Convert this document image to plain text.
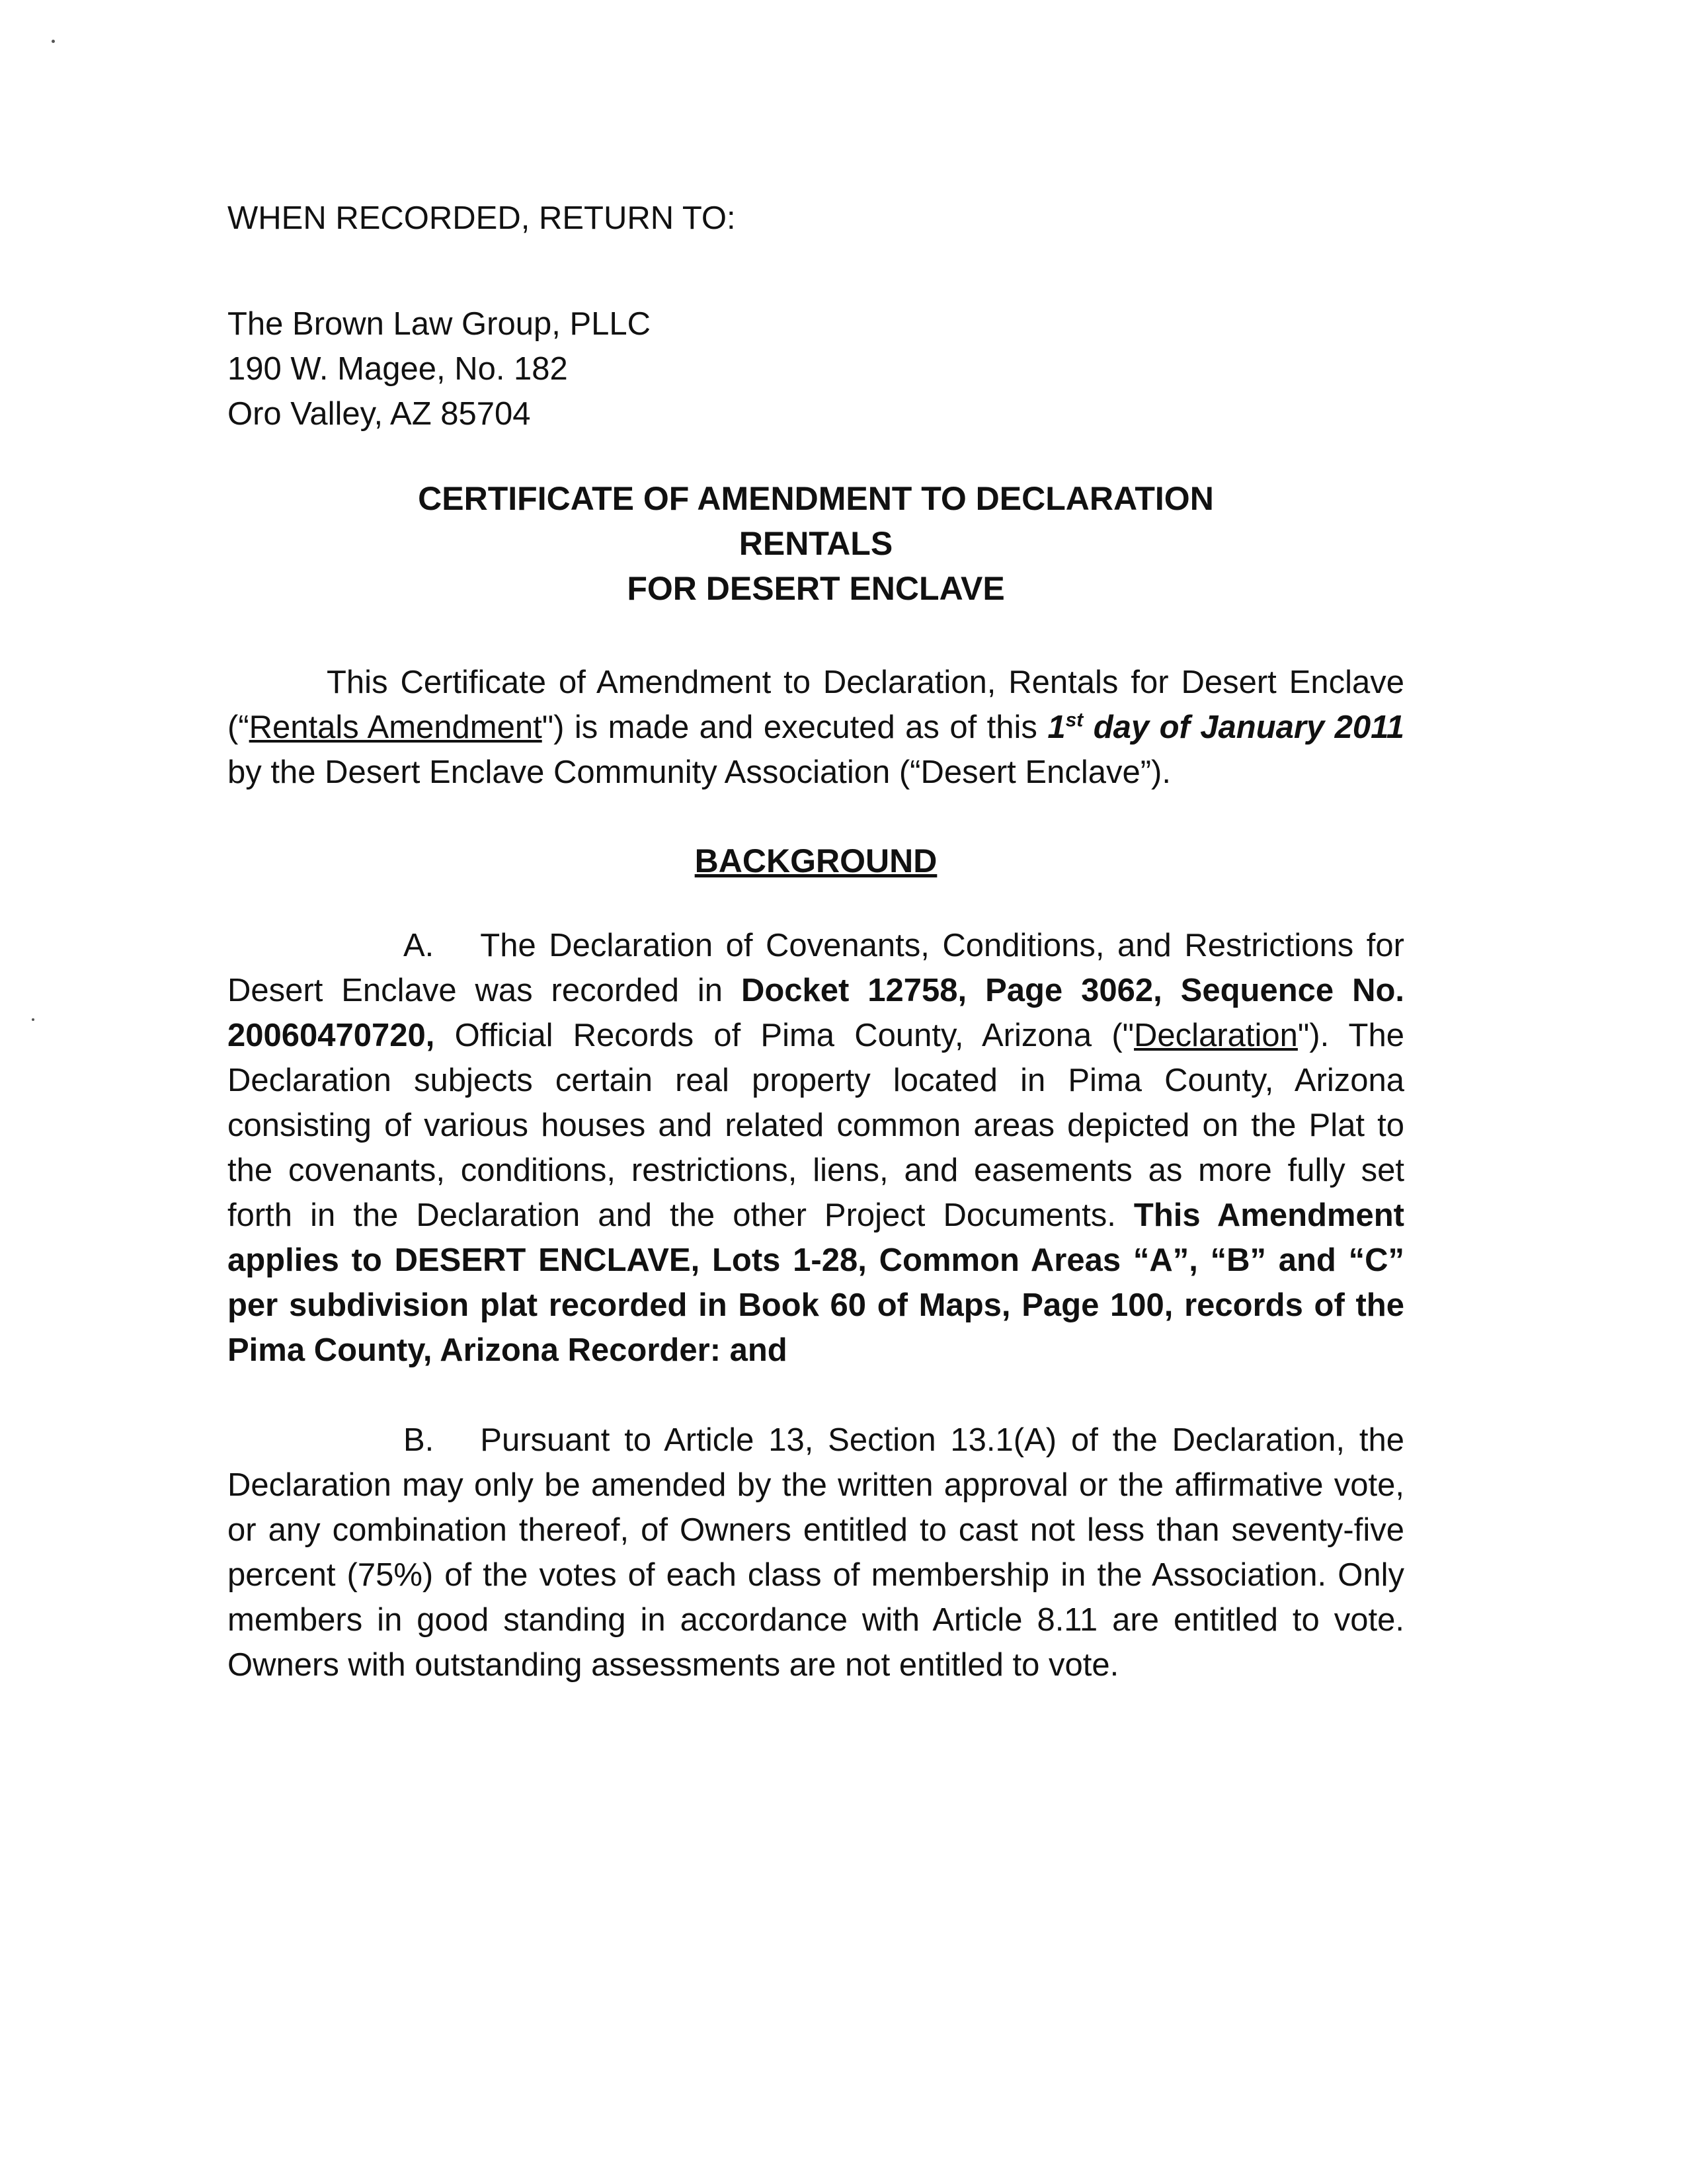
WHEN RECORDED, RETURN TO:

The Brown Law Group, PLLC

190 W. Magee, No. 182

Oro Valley, AZ 85704

CERTIFICATE OF AMENDMENT TO DECLARATION

RENTALS

FOR DESERT ENCLAVE

This Certificate of Amendment to Declaration, Rentals for Desert Enclave (“Rentals Amendment") is made and executed as of this 1st day of January 2011 by the Desert Enclave Community Association (“Desert Enclave”).

BACKGROUND

A. The Declaration of Covenants, Conditions, and Restrictions for Desert Enclave was recorded in Docket 12758, Page 3062, Sequence No. 20060470720, Official Records of Pima County, Arizona ("Declaration"). The Declaration subjects certain real property located in Pima County, Arizona consisting of various houses and related common areas depicted on the Plat to the covenants, conditions, restrictions, liens, and easements as more fully set forth in the Declaration and the other Project Documents. This Amendment applies to DESERT ENCLAVE, Lots 1-28, Common Areas “A”, “B” and “C” per subdivision plat recorded in Book 60 of Maps, Page 100, records of the Pima County, Arizona Recorder: and

B. Pursuant to Article 13, Section 13.1(A) of the Declaration, the Declaration may only be amended by the written approval or the affirmative vote, or any combination thereof, of Owners entitled to cast not less than seventy-five percent (75%) of the votes of each class of membership in the Association. Only members in good standing in accordance with Article 8.11 are entitled to vote. Owners with outstanding assessments are not entitled to vote.
